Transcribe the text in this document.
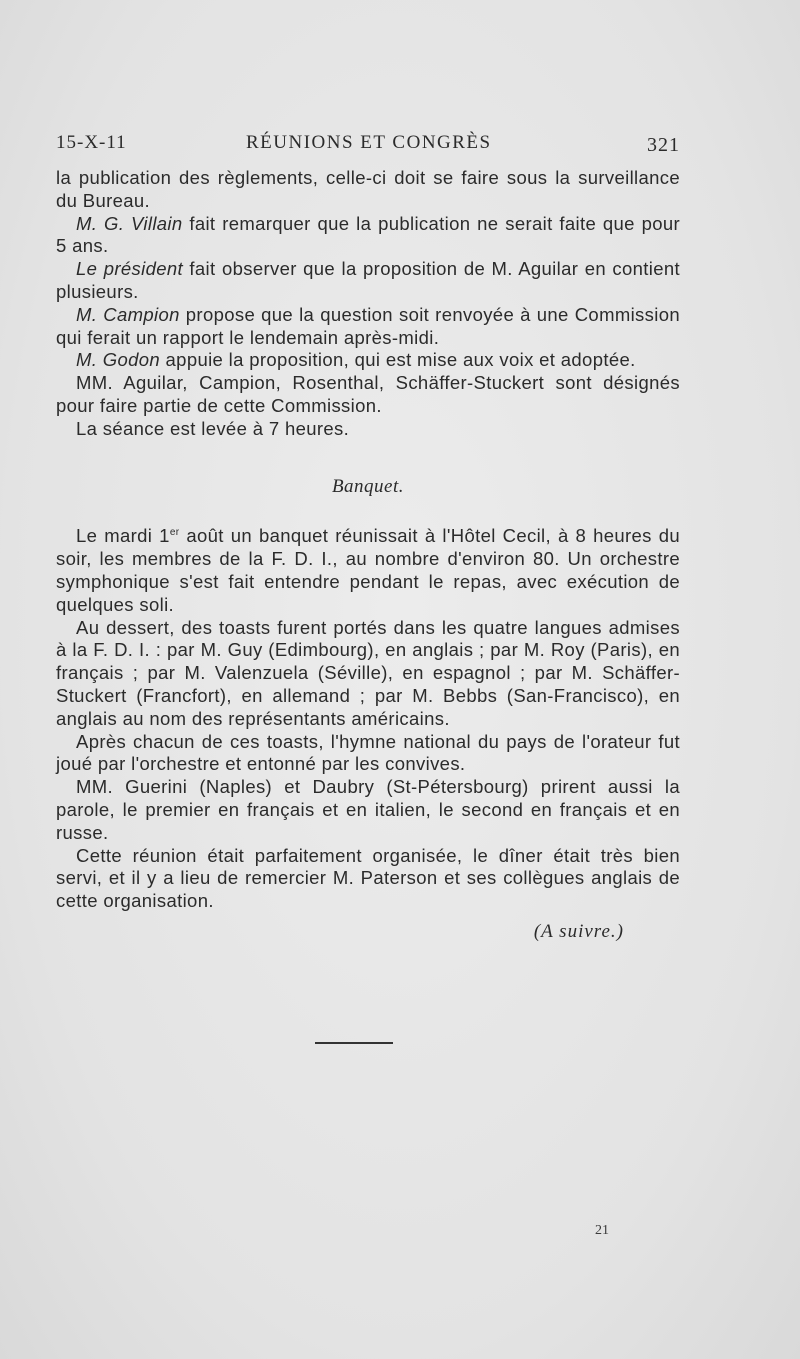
15-X-11	RÉUNIONS ET CONGRÈS	321

la publication des règlements, celle-ci doit se faire sous la surveillance du Bureau.

M. G. Villain fait remarquer que la publication ne serait faite que pour 5 ans.

Le président fait observer que la proposition de M. Aguilar en contient plusieurs.

M. Campion propose que la question soit renvoyée à une Commission qui ferait un rapport le lendemain après-midi.

M. Godon appuie la proposition, qui est mise aux voix et adoptée.

MM. Aguilar, Campion, Rosenthal, Schäffer-Stuckert sont désignés pour faire partie de cette Commission.

La séance est levée à 7 heures.

Banquet.

Le mardi 1er août un banquet réunissait à l'Hôtel Cecil, à 8 heures du soir, les membres de la F. D. I., au nombre d'environ 80. Un orchestre symphonique s'est fait entendre pendant le repas, avec exécution de quelques soli.

Au dessert, des toasts furent portés dans les quatre langues admises à la F. D. I. : par M. Guy (Edimbourg), en anglais ; par M. Roy (Paris), en français ; par M. Valenzuela (Séville), en espagnol ; par M. Schäffer-Stuckert (Francfort), en allemand ; par M. Bebbs (San-Francisco), en anglais au nom des représentants américains.

Après chacun de ces toasts, l'hymne national du pays de l'orateur fut joué par l'orchestre et entonné par les convives.

MM. Guerini (Naples) et Daubry (St-Pétersbourg) prirent aussi la parole, le premier en français et en italien, le second en français et en russe.

Cette réunion était parfaitement organisée, le dîner était très bien servi, et il y a lieu de remercier M. Paterson et ses collègues anglais de cette organisation.

(A suivre.)
21
